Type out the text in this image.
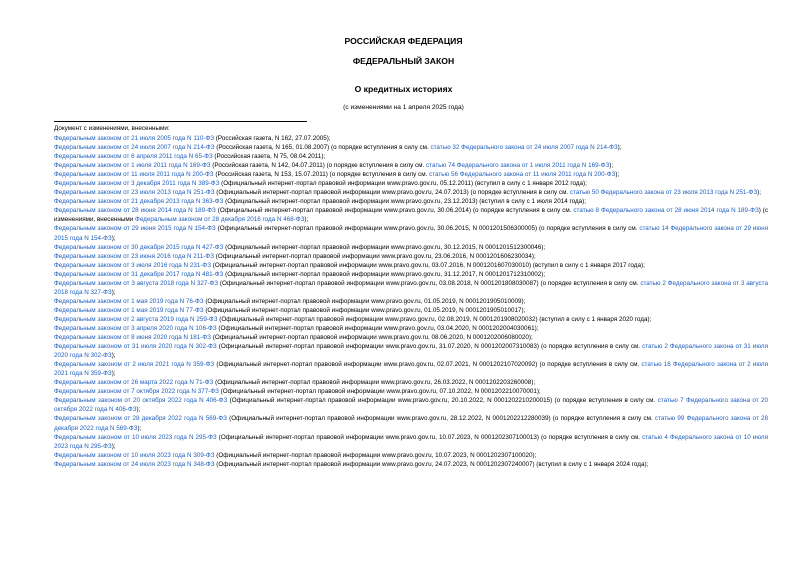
РОССИЙСКАЯ ФЕДЕРАЦИЯ
ФЕДЕРАЛЬНЫЙ ЗАКОН
О кредитных историях
(с изменениями на 1 апреля 2025 года)
Документ с изменениями, внесенными:
Федеральным законом от 21 июля 2005 года N 110-ФЗ (Российская газета, N 162, 27.07.2005);
Федеральным законом от 24 июля 2007 года N 214-ФЗ (Российская газета, N 165, 01.08.2007) (о порядке вступления в силу см. статью 32 Федерального закона от 24 июля 2007 года N 214-ФЗ);
Федеральным законом от 6 апреля 2011 года N 65-ФЗ (Российская газета, N 75, 08.04.2011);
Федеральным законом от 1 июля 2011 года N 169-ФЗ (Российская газета, N 142, 04.07.2011) (о порядке вступления в силу см. статью 74 Федерального закона от 1 июля 2011 года N 169-ФЗ);
Федеральным законом от 11 июля 2011 года N 200-ФЗ (Российская газета, N 153, 15.07.2011) (о порядке вступления в силу см. статью 56 Федерального закона от 11 июля 2011 года N 200-ФЗ);
Федеральным законом от 3 декабря 2011 года N 389-ФЗ (Официальный интернет-портал правовой информации www.pravo.gov.ru, 05.12.2011) (вступил в силу с 1 января 2012 года);
Федеральным законом от 23 июля 2013 года N 251-ФЗ (Официальный интернет-портал правовой информации www.pravo.gov.ru, 24.07.2013) (о порядке вступления в силу см. статью 50 Федерального закона от 23 июля 2013 года N 251-ФЗ);
Федеральным законом от 21 декабря 2013 года N 363-ФЗ (Официальный интернет-портал правовой информации www.pravo.gov.ru, 23.12.2013) (вступил в силу с 1 июля 2014 года);
Федеральным законом от 28 июня 2014 года N 189-ФЗ (Официальный интернет-портал правовой информации www.pravo.gov.ru, 30.06.2014) (о порядке вступления в силу см. статью 8 Федерального закона от 28 июня 2014 года N 189-ФЗ) (с изменениями, внесенными Федеральным законом от 28 декабря 2016 года N 468-ФЗ);
Федеральным законом от 29 июня 2015 года N 154-ФЗ (Официальный интернет-портал правовой информации www.pravo.gov.ru, 30.06.2015, N 0001201506300005) (о порядке вступления в силу см. статью 14 Федерального закона от 29 июня 2015 года N 154-ФЗ);
Федеральным законом от 30 декабря 2015 года N 427-ФЗ (Официальный интернет-портал правовой информации www.pravo.gov.ru, 30.12.2015, N 0001201512300046);
Федеральным законом от 23 июня 2016 года N 211-ФЗ (Официальный интернет-портал правовой информации www.pravo.gov.ru, 23.06.2016, N 0001201606230034);
Федеральным законом от 3 июля 2016 года N 231-ФЗ (Официальный интернет-портал правовой информации www.pravo.gov.ru, 03.07.2016, N 0001201607030010) (вступил в силу с 1 января 2017 года);
Федеральным законом от 31 декабря 2017 года N 481-ФЗ (Официальный интернет-портал правовой информации www.pravo.gov.ru, 31.12.2017, N 0001201712310002);
Федеральным законом от 3 августа 2018 года N 327-ФЗ (Официальный интернет-портал правовой информации www.pravo.gov.ru, 03.08.2018, N 0001201808030087) (о порядке вступления в силу см. статью 2 Федерального закона от 3 августа 2018 года N 327-ФЗ);
Федеральным законом от 1 мая 2019 года N 76-ФЗ (Официальный интернет-портал правовой информации www.pravo.gov.ru, 01.05.2019, N 0001201905010009);
Федеральным законом от 1 мая 2019 года N 77-ФЗ (Официальный интернет-портал правовой информации www.pravo.gov.ru, 01.05.2019, N 0001201905010017);
Федеральным законом от 2 августа 2019 года N 259-ФЗ (Официальный интернет-портал правовой информации www.pravo.gov.ru, 02.08.2019, N 0001201908020032) (вступил в силу с 1 января 2020 года);
Федеральным законом от 3 апреля 2020 года N 106-ФЗ (Официальный интернет-портал правовой информации www.pravo.gov.ru, 03.04.2020, N 0001202004030061);
Федеральным законом от 8 июня 2020 года N 181-ФЗ (Официальный интернет-портал правовой информации www.pravo.gov.ru, 08.06.2020, N 0001202006080020);
Федеральным законом от 31 июля 2020 года N 302-ФЗ (Официальный интернет-портал правовой информации www.pravo.gov.ru, 31.07.2020, N 0001202007310083) (о порядке вступления в силу см. статью 2 Федерального закона от 31 июля 2020 года N 302-ФЗ);
Федеральным законом от 2 июля 2021 года N 359-ФЗ (Официальный интернет-портал правовой информации www.pravo.gov.ru, 02.07.2021, N 0001202107020092) (о порядке вступления в силу см. статью 16 Федерального закона от 2 июля 2021 года N 359-ФЗ);
Федеральным законом от 26 марта 2022 года N 71-ФЗ (Официальный интернет-портал правовой информации www.pravo.gov.ru, 26.03.2022, N 0001202203260008);
Федеральным законом от 7 октября 2022 года N 377-ФЗ (Официальный интернет-портал правовой информации www.pravo.gov.ru, 07.10.2022, N 0001202210070001);
Федеральным законом от 20 октября 2022 года N 406-ФЗ (Официальный интернет-портал правовой информации www.pravo.gov.ru, 20.10.2022, N 0001202210200015) (о порядке вступления в силу см. статью 7 Федерального закона от 20 октября 2022 года N 406-ФЗ);
Федеральным законом от 28 декабря 2022 года N 569-ФЗ (Официальный интернет-портал правовой информации www.pravo.gov.ru, 28.12.2022, N 0001202212280039) (о порядке вступления в силу см. статью 99 Федерального закона от 28 декабря 2022 года N 569-ФЗ);
Федеральным законом от 10 июля 2023 года N 295-ФЗ (Официальный интернет-портал правовой информации www.pravo.gov.ru, 10.07.2023, N 0001202307100013) (о порядке вступления в силу см. статью 4 Федерального закона от 10 июля 2023 года N 295-ФЗ);
Федеральным законом от 10 июля 2023 года N 309-ФЗ (Официальный интернет-портал правовой информации www.pravo.gov.ru, 10.07.2023, N 0001202307100020);
Федеральным законом от 24 июля 2023 года N 348-ФЗ (Официальный интернет-портал правовой информации www.pravo.gov.ru, 24.07.2023, N 0001202307240007) (вступил в силу с 1 января 2024 года);
